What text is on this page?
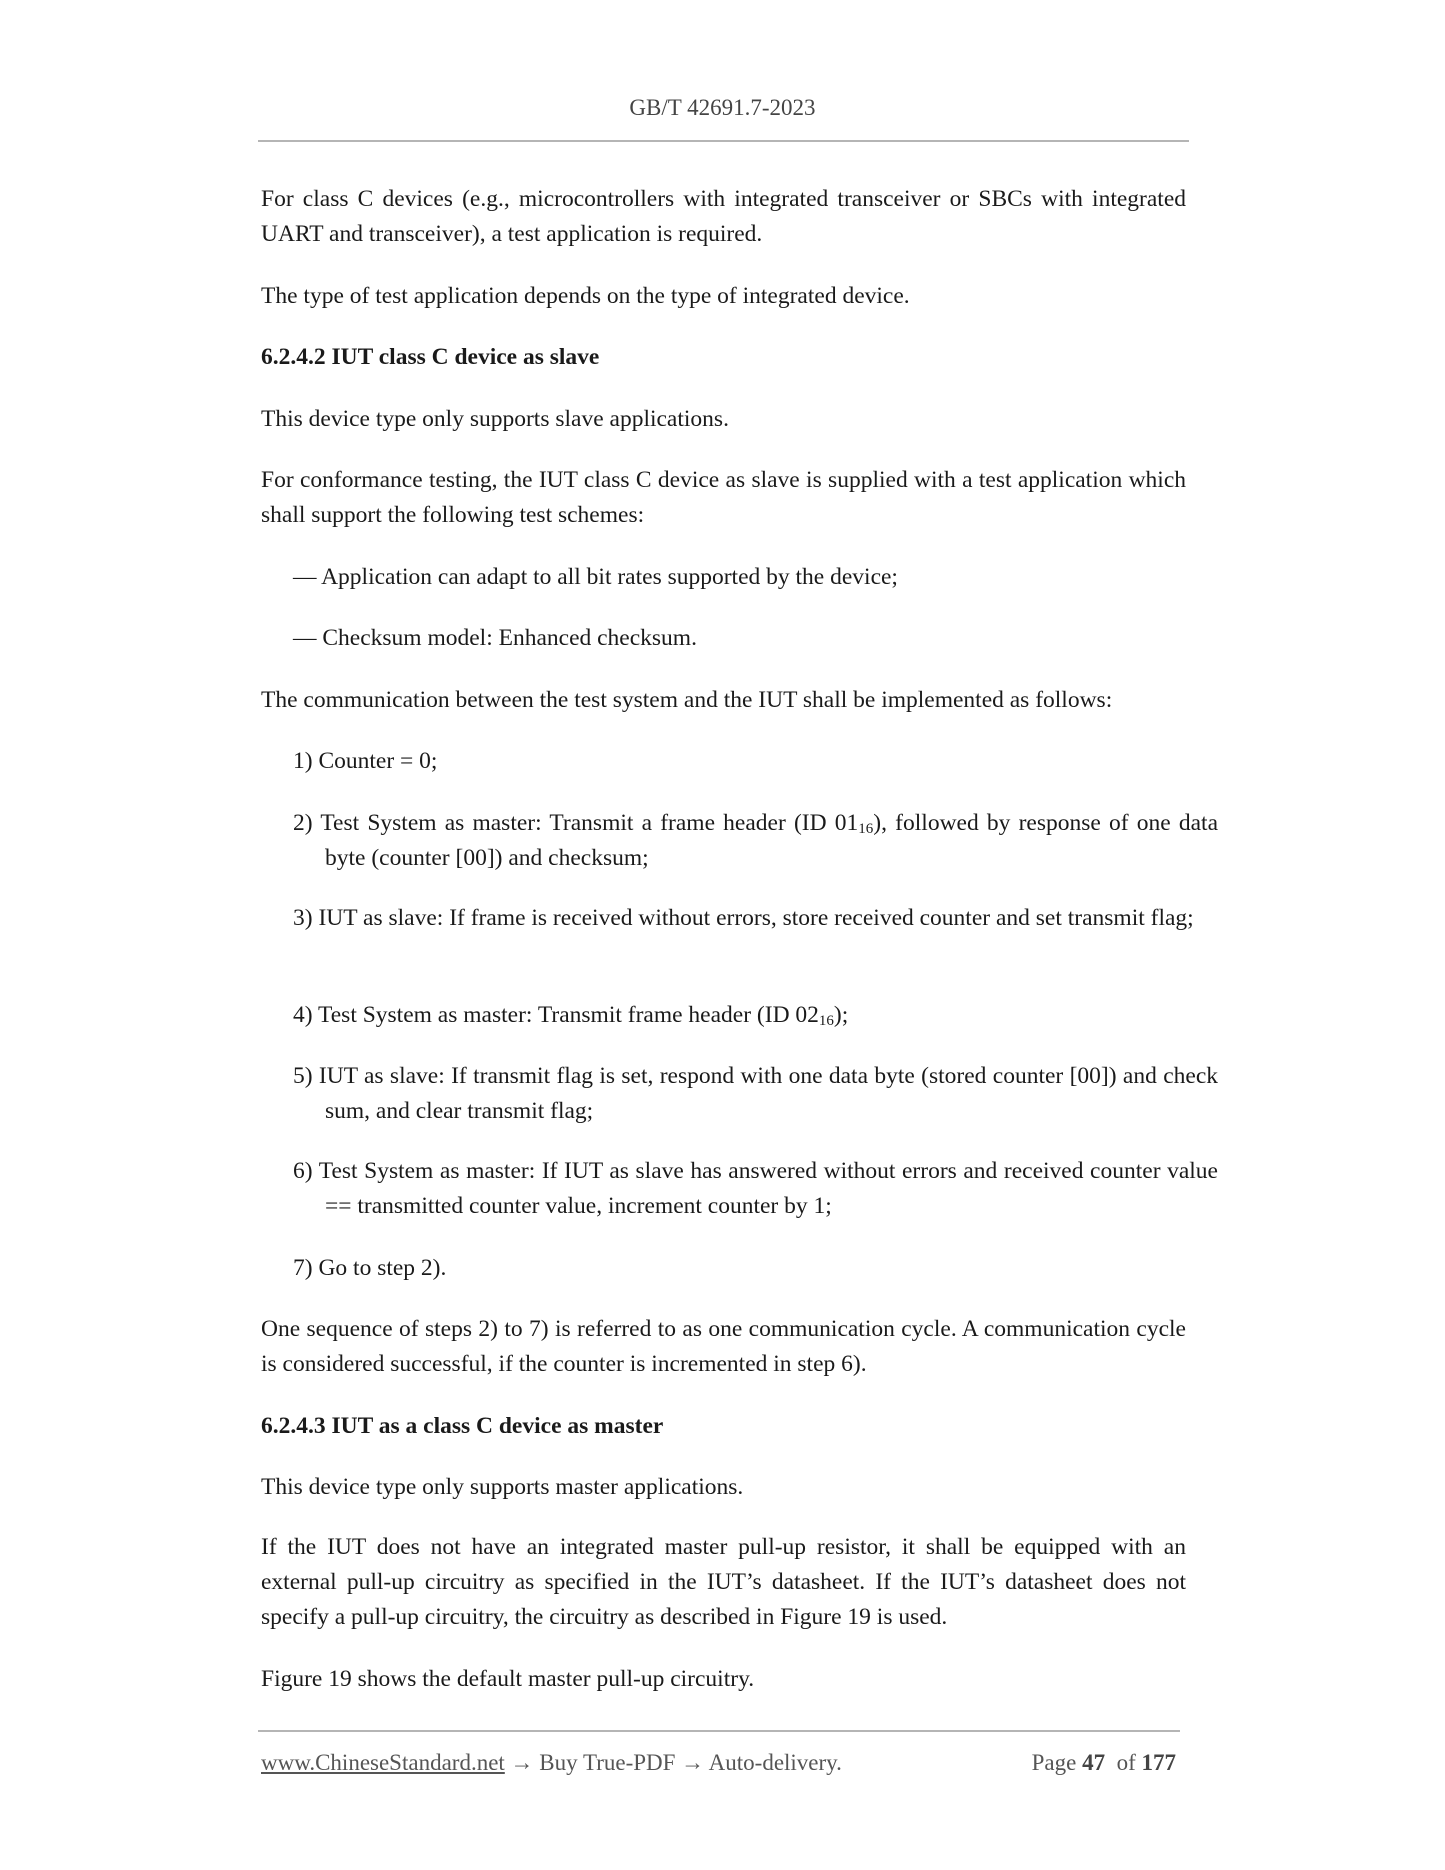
GB/T 42691.7-2023
For class C devices (e.g., microcontrollers with integrated transceiver or SBCs with integrated UART and transceiver), a test application is required.
The type of test application depends on the type of integrated device.
6.2.4.2 IUT class C device as slave
This device type only supports slave applications.
For conformance testing, the IUT class C device as slave is supplied with a test application which shall support the following test schemes:
— Application can adapt to all bit rates supported by the device;
— Checksum model: Enhanced checksum.
The communication between the test system and the IUT shall be implemented as follows:
1) Counter = 0;
2) Test System as master: Transmit a frame header (ID $01_{16}$), followed by response of one data byte (counter [00]) and checksum;
3) IUT as slave: If frame is received without errors, store received counter and set transmit flag;
4) Test System as master: Transmit frame header (ID $02_{16}$);
5) IUT as slave: If transmit flag is set, respond with one data byte (stored counter [00]) and check sum, and clear transmit flag;
6) Test System as master: If IUT as slave has answered without errors and received counter value == transmitted counter value, increment counter by 1;
7) Go to step 2).
One sequence of steps 2) to 7) is referred to as one communication cycle. A communication cycle is considered successful, if the counter is incremented in step 6).
6.2.4.3 IUT as a class C device as master
This device type only supports master applications.
If the IUT does not have an integrated master pull-up resistor, it shall be equipped with an external pull-up circuitry as specified in the IUT’s datasheet. If the IUT’s datasheet does not specify a pull-up circuitry, the circuitry as described in Figure 19 is used.
Figure 19 shows the default master pull-up circuitry.
www.ChineseStandard.net → Buy True-PDF → Auto-delivery.	Page 47 of 177
